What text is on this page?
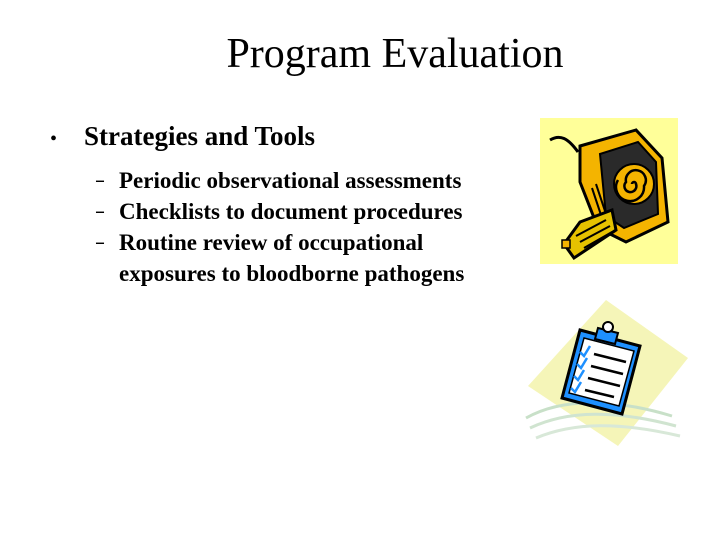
Program Evaluation
• Strategies and Tools
– Periodic observational assessments
– Checklists to document procedures
– Routine review of occupational exposures to bloodborne pathogens
